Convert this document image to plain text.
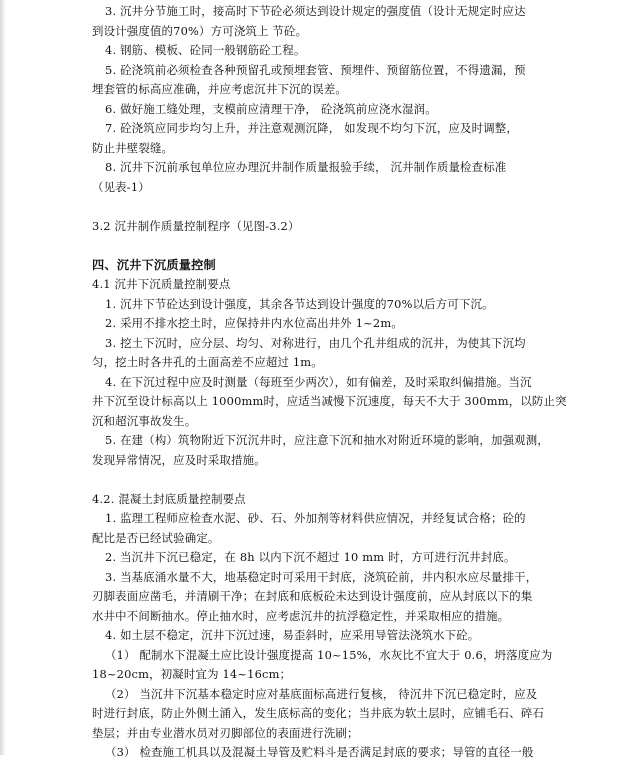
3. 沉井分节施工时，接高时下节砼必须达到设计规定的强度值（设计无规定时应达
到设计强度值的70%）方可浇筑上 节砼。
4. 钢筋、模板、砼同一般钢筋砼工程。
5. 砼浇筑前必须检查各种预留孔或预埋套管、预埋件、预留筋位置，不得遗漏，预
埋套管的标高应准确，并应考虑沉井下沉的误差。
6. 做好施工缝处理，支模前应清理干净， 砼浇筑前应浇水湿润。
7. 砼浇筑应同步均匀上升，并注意观测沉降， 如发现不均匀下沉，应及时调整，
防止井壁裂缝。
8. 沉井下沉前承包单位应办理沉井制作质量报验手续， 沉井制作质量检查标准
（见表-1）
3.2 沉井制作质量控制程序（见图-3.2）
四、沉井下沉质量控制
4.1 沉井下沉质量控制要点
1. 沉井下节砼达到设计强度，其余各节达到设计强度的70%以后方可下沉。
2. 采用不排水挖土时，应保持井内水位高出井外 1~2m。
3. 挖土下沉时，应分层、均匀、对称进行，由几个孔井组成的沉井，为使其下沉均
匀，挖土时各井孔的土面高差不应超过 1m。
4. 在下沉过程中应及时测量（每班至少两次），如有偏差，及时采取纠偏措施。当沉
井下沉至设计标高以上 1000mm时，应适当减慢下沉速度，每天不大于 300mm，以防止突
沉和超沉事故发生。
5. 在建（构）筑物附近下沉沉井时，应注意下沉和抽水对附近环境的影响，加强观测，
发现异常情况，应及时采取措施。
4.2. 混凝土封底质量控制要点
1. 监理工程师应检查水泥、砂、石、外加剂等材料供应情况，并经复试合格；砼的
配比是否已经试验确定。
2. 当沉井下沉已稳定，在 8h 以内下沉不超过 10 mm 时，方可进行沉井封底。
3. 当基底涌水量不大，地基稳定时可采用干封底，浇筑砼前，井内积水应尽量排干，
刃脚表面应凿毛，并清刷干净；在封底和底板砼未达到设计强度前，应从封底以下的集
水井中不间断抽水。停止抽水时，应考虑沉井的抗浮稳定性，并采取相应的措施。
4. 如土层不稳定，沉井下沉过速，易歪斜时，应采用导管法浇筑水下砼。
（1） 配制水下混凝土应比设计强度提高 10~15%，水灰比不宜大于 0.6，坍落度应为
18~20cm，初凝时宜为 14~16cm；
（2） 当沉井下沉基本稳定时应对基底面标高进行复核， 待沉井下沉已稳定时，应及
时进行封底，防止外侧土涌入，发生底标高的变化；当井底为软土层时，应铺毛石、碎石
垫层；并由专业潜水员对刃脚部位的表面进行洗刷；
（3） 检查施工机具以及混凝土导管及贮料斗是否满足封底的要求；导管的直径一般
